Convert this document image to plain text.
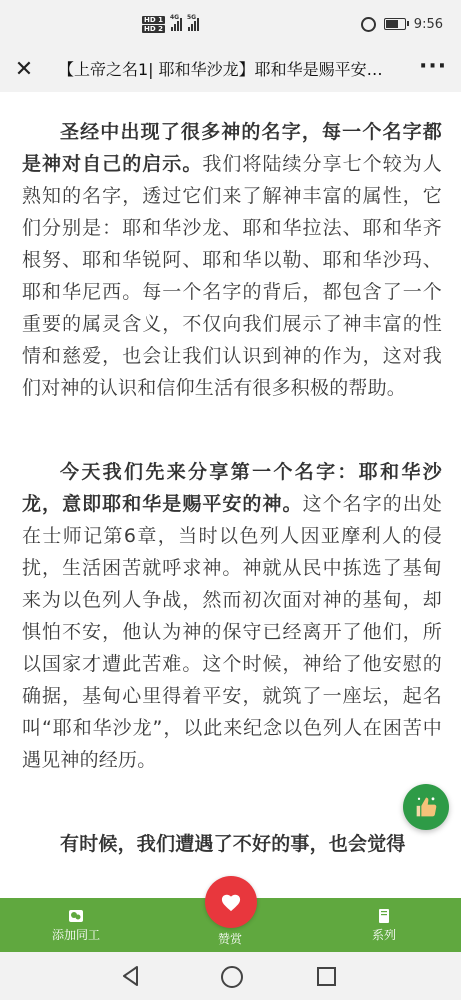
HD 1
HD 2
4G 5G	9:56
✕ 【上帝之名1| 耶和华沙龙】耶和华是赐平安…	···

圣经中出现了很多神的名字，每一个名字都是神对自己的启示。我们将陆续分享七个较为人熟知的名字，透过它们来了解神丰富的属性，它们分别是：耶和华沙龙、耶和华拉法、耶和华齐根努、耶和华锐阿、耶和华以勒、耶和华沙玛、耶和华尼西。每一个名字的背后，都包含了一个重要的属灵含义，不仅向我们展示了神丰富的性情和慈爱，也会让我们认识到神的作为，这对我们对神的认识和信仰生活有很多积极的帮助。

今天我们先来分享第一个名字：耶和华沙龙，意即耶和华是赐平安的神。这个名字的出处在士师记第6章，当时以色列人因亚摩利人的侵扰，生活困苦就呼求神。神就从民中拣选了基甸来为以色列人争战，然而初次面对神的基甸，却惧怕不安，他认为神的保守已经离开了他们，所以国家才遭此苦难。这个时候，神给了他安慰的确据，基甸心里得着平安，就筑了一座坛，起名叫“耶和华沙龙”，以此来纪念以色列人在困苦中遇见神的经历。

有时候，我们遭遇了不好的事，也会觉得

添加同工	赞赏	系列
